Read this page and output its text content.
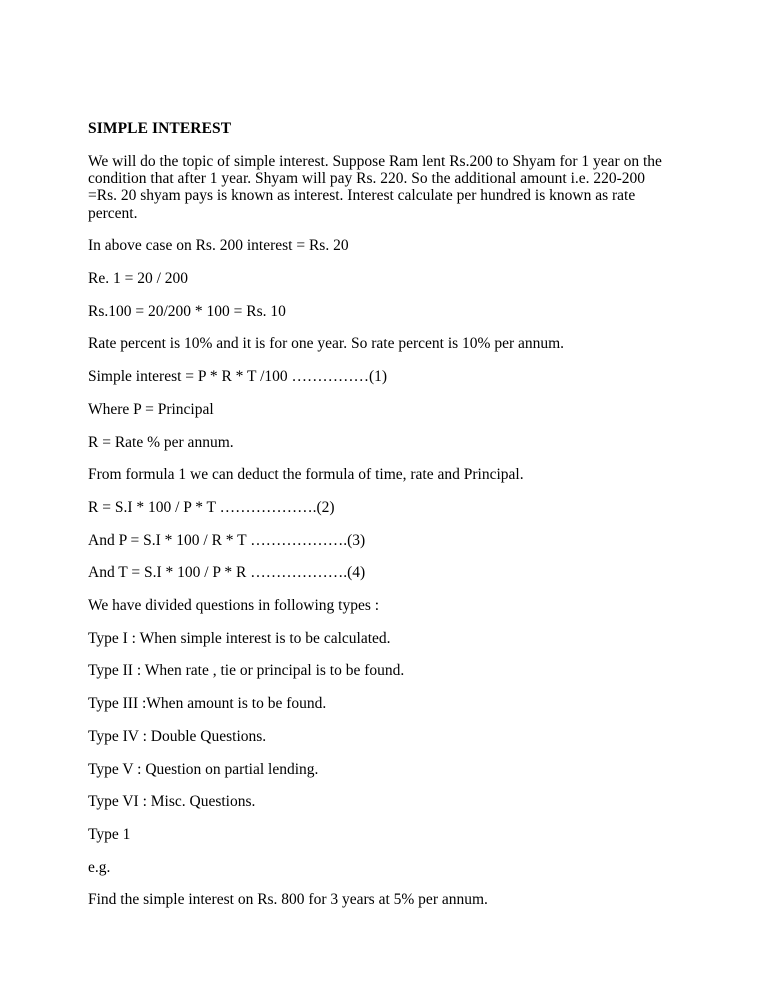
SIMPLE INTEREST

We will do the topic of simple interest. Suppose Ram lent Rs.200 to Shyam for 1 year on the condition that after 1 year. Shyam will pay Rs. 220. So the additional amount i.e. 220-200 =Rs. 20 shyam pays is known as interest. Interest calculate per hundred is known as rate percent.

In above case on Rs. 200 interest = Rs. 20

Re. 1 = 20 / 200

Rs.100 = 20/200 * 100 = Rs. 10

Rate percent is 10% and it is for one year. So rate percent is 10% per annum.

Simple interest = P * R * T /100 ……………(1)

Where P = Principal

R = Rate % per annum.

From formula 1 we can deduct the formula of time, rate and Principal.

R = S.I * 100 / P * T ……………….(2)

And P = S.I * 100 / R * T ……………….(3)

And T = S.I * 100 / P * R ……………….(4)

We have divided questions in following types :

Type I : When simple interest is to be calculated.

Type II : When rate , tie or principal is to be found.

Type III :When amount is to be found.

Type IV : Double Questions.

Type V : Question on partial lending.

Type VI : Misc. Questions.

Type 1

e.g.

Find the simple interest on Rs. 800 for 3 years at 5% per annum.
